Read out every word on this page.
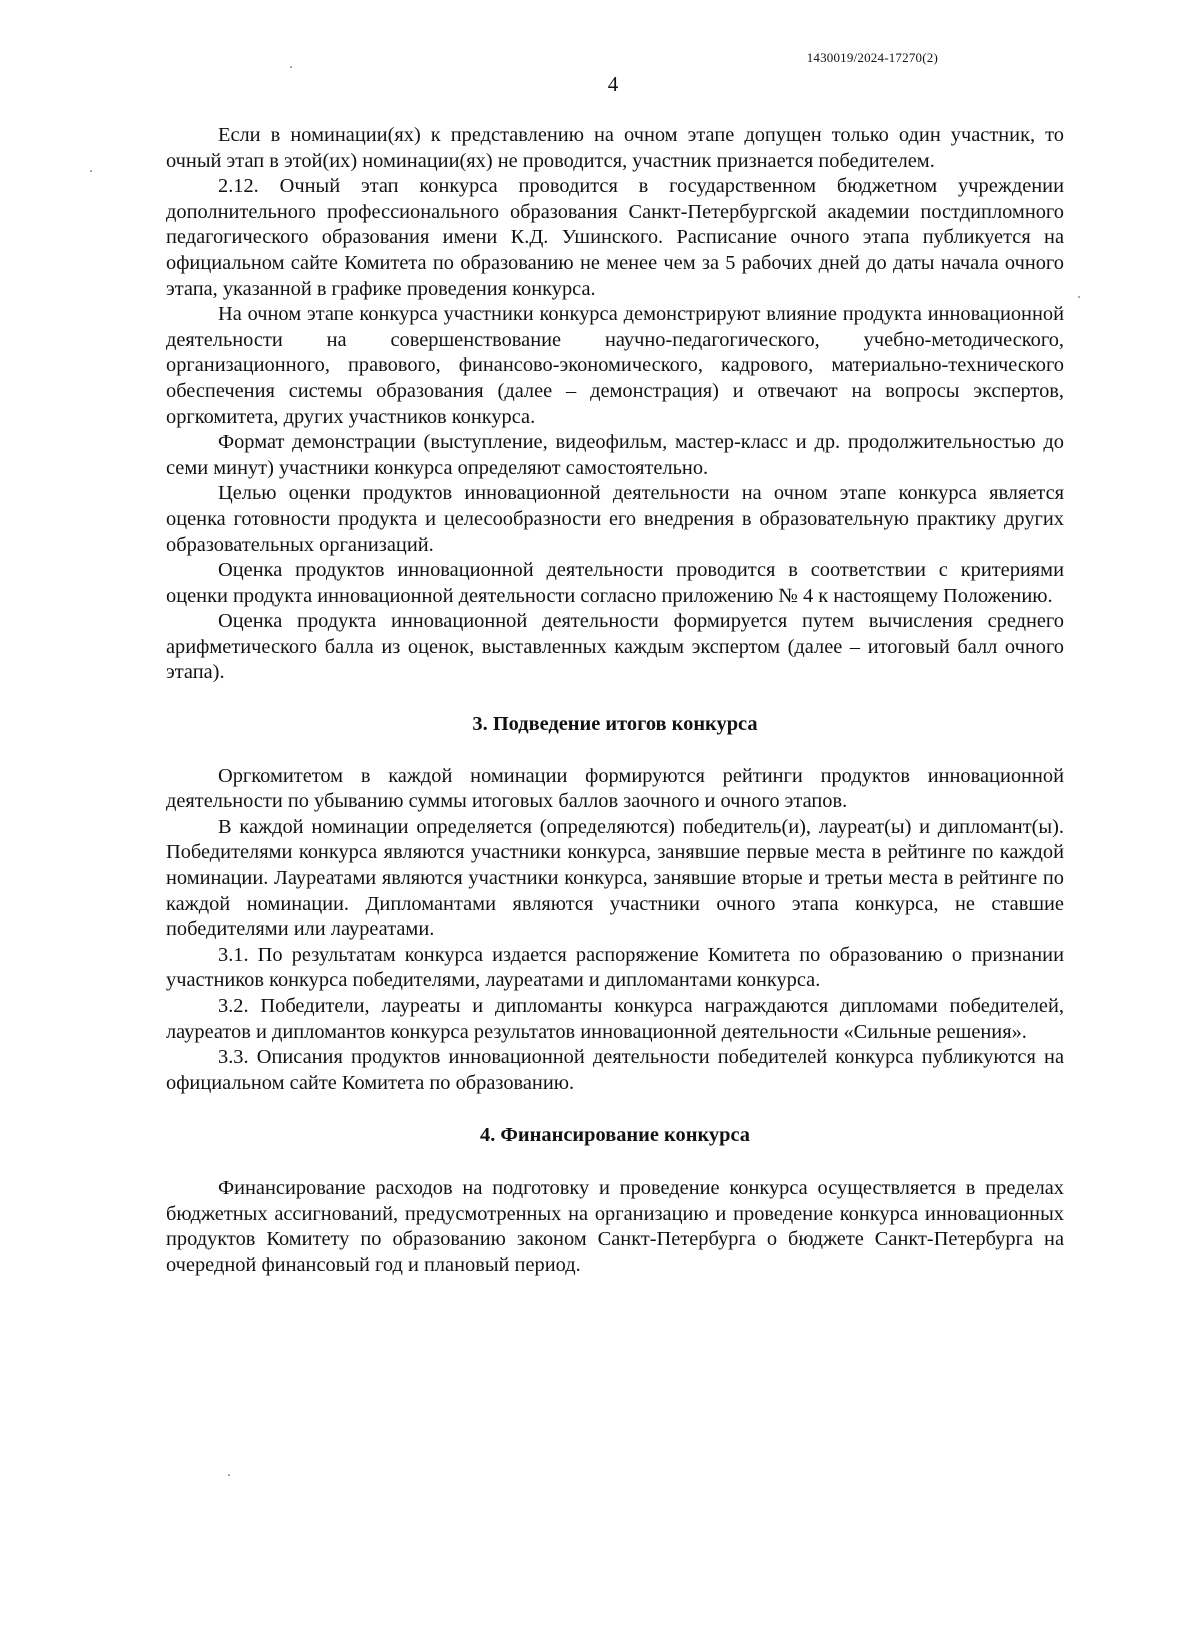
1430019/2024-17270(2)
4

Если в номинации(ях) к представлению на очном этапе допущен только один участник, то очный этап в этой(их) номинации(ях) не проводится, участник признается победителем.

2.12. Очный этап конкурса проводится в государственном бюджетном учреждении дополнительного профессионального образования Санкт-Петербургской академии постдипломного педагогического образования имени К.Д. Ушинского. Расписание очного этапа публикуется на официальном сайте Комитета по образованию не менее чем за 5 рабочих дней до даты начала очного этапа, указанной в графике проведения конкурса.

На очном этапе конкурса участники конкурса демонстрируют влияние продукта инновационной деятельности на совершенствование научно-педагогического, учебно-методического, организационного, правового, финансово-экономического, кадрового, материально-технического обеспечения системы образования (далее – демонстрация) и отвечают на вопросы экспертов, оргкомитета, других участников конкурса.

Формат демонстрации (выступление, видеофильм, мастер-класс и др. продолжительностью до семи минут) участники конкурса определяют самостоятельно.

Целью оценки продуктов инновационной деятельности на очном этапе конкурса является оценка готовности продукта и целесообразности его внедрения в образовательную практику других образовательных организаций.

Оценка продуктов инновационной деятельности проводится в соответствии с критериями оценки продукта инновационной деятельности согласно приложению № 4 к настоящему Положению.

Оценка продукта инновационной деятельности формируется путем вычисления среднего арифметического балла из оценок, выставленных каждым экспертом (далее – итоговый балл очного этапа).

3. Подведение итогов конкурса

Оргкомитетом в каждой номинации формируются рейтинги продуктов инновационной деятельности по убыванию суммы итоговых баллов заочного и очного этапов.

В каждой номинации определяется (определяются) победитель(и), лауреат(ы) и дипломант(ы). Победителями конкурса являются участники конкурса, занявшие первые места в рейтинге по каждой номинации. Лауреатами являются участники конкурса, занявшие вторые и третьи места в рейтинге по каждой номинации. Дипломантами являются участники очного этапа конкурса, не ставшие победителями или лауреатами.

3.1. По результатам конкурса издается распоряжение Комитета по образованию о признании участников конкурса победителями, лауреатами и дипломантами конкурса.

3.2. Победители, лауреаты и дипломанты конкурса награждаются дипломами победителей, лауреатов и дипломантов конкурса результатов инновационной деятельности «Сильные решения».

3.3. Описания продуктов инновационной деятельности победителей конкурса публикуются на официальном сайте Комитета по образованию.

4. Финансирование конкурса

Финансирование расходов на подготовку и проведение конкурса осуществляется в пределах бюджетных ассигнований, предусмотренных на организацию и проведение конкурса инновационных продуктов Комитету по образованию законом Санкт-Петербурга о бюджете Санкт-Петербурга на очередной финансовый год и плановый период.
